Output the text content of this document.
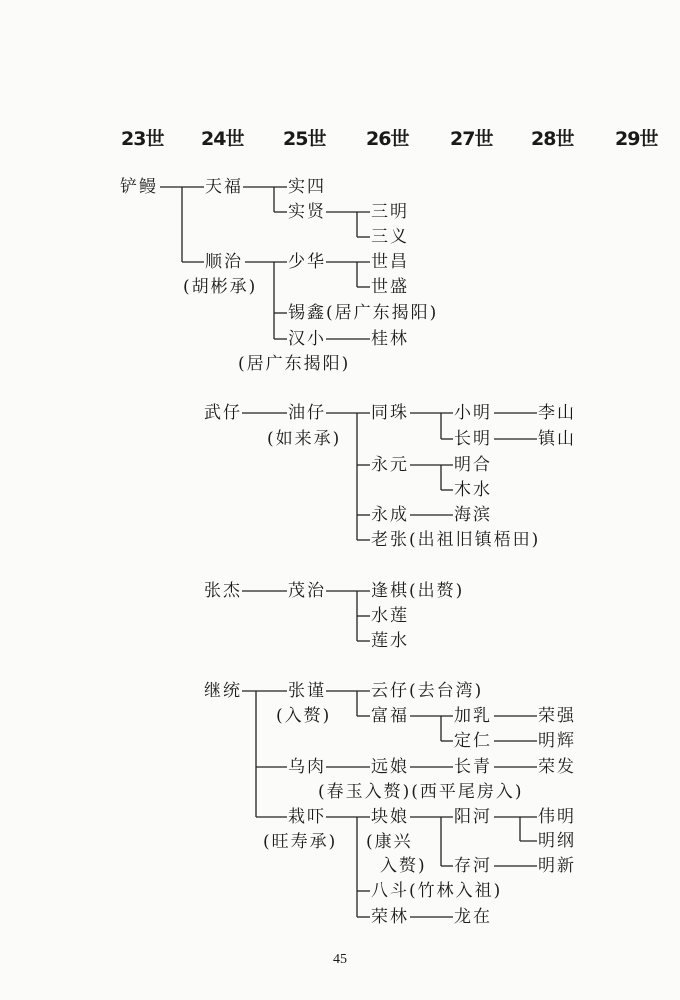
23世 24世 25世 26世 27世 28世 29世
铲鳗	天福	实四
实贤	三明
三义
顺治
(胡彬承)
少华	世昌
世盛
锡鑫(居广东揭阳)
汉小	桂林
(居广东揭阳)
武仔	油仔
(如来承)
同珠	小明	李山
长明	镇山
永元	明合
木水
永成	海滨
老张(出祖旧镇梧田)
张杰	茂治	逢棋(出赘)
水莲
莲水
继统	张谨
(入赘)
云仔(去台湾)
富福	加乳	荣强
定仁	明辉
乌肉	远娘	长青	荣发
(春玉入赘)(西平尾房入)
栽吓
(旺寿承)
块娘
(康兴
入赘)
阳河	伟明
明纲
存河	明新
八斗(竹林入祖)
荣林	龙在
45
